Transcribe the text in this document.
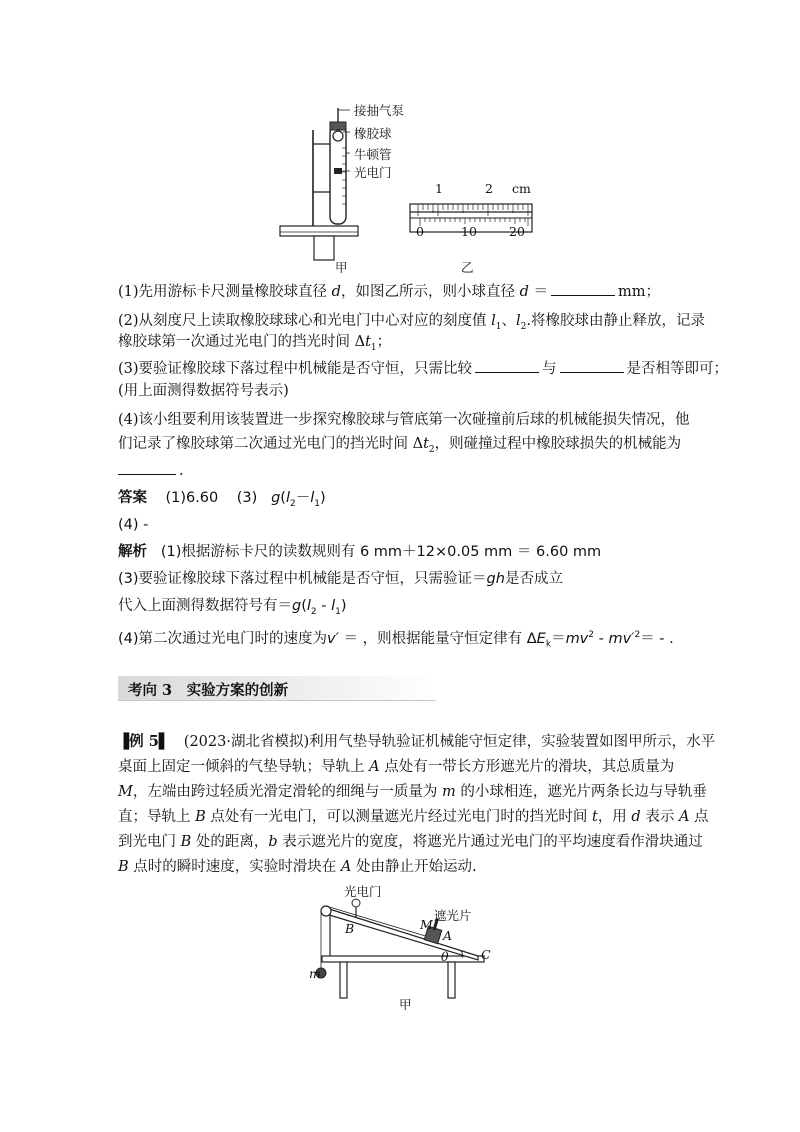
接抽气泵
橡胶球
牛顿管
光电门
甲	乙
1	2 cm
0	10	20
(1)先用游标卡尺测量橡胶球直径 d，如图乙所示，则小球直径 d ＝	mm；
(2)从刻度尺上读取橡胶球球心和光电门中心对应的刻度值 $l_1$、$l_2$.将橡胶球由静止释放，记录
橡胶球第一次通过光电门的挡光时间 $\Delta t_1$；
(3)要验证橡胶球下落过程中机械能是否守恒，只需比较	与	是否相等即可；
(用上面测得数据符号表示)
(4)该小组要利用该装置进一步探究橡胶球与管底第一次碰撞前后球的机械能损失情况，他
们记录了橡胶球第二次通过光电门的挡光时间 $\Delta t_2$，则碰撞过程中橡胶球损失的机械能为
.
答案 (1)6.60 (3) $g(l_2-l_1)$
(4) -
解析 (1)根据游标卡尺的读数规则有 6 mm＋12×0.05 mm ＝ 6.60 mm
(3)要验证橡胶球下落过程中机械能是否守恒，只需验证＝gh是否成立
代入上面测得数据符号有$=g(l_2 - l_1)$
(4)第二次通过光电门时的速度为v′ ＝ ，则根据能量守恒定律有 $\Delta E_k=mv^2 - mv'^2=$ - .
考向 3　实验方案的创新
▐例 5▌ (2023·湖北省模拟)利用气垫导轨验证机械能守恒定律，实验装置如图甲所示，水平
桌面上固定一倾斜的气垫导轨；导轨上 A 点处有一带长方形遮光片的滑块，其总质量为
M，左端由跨过轻质光滑定滑轮的细绳与一质量为 m 的小球相连，遮光片两条长边与导轨垂
直；导轨上 B 点处有一光电门，可以测量遮光片经过光电门时的挡光时间 t，用 d 表示 A 点
到光电门 B 处的距离，b 表示遮光片的宽度，将遮光片通过光电门的平均速度看作滑块通过
B 点时的瞬时速度，实验时滑块在 A 处由静止开始运动.
光电门
遮光片
M
A
B
C
m
θ
甲
